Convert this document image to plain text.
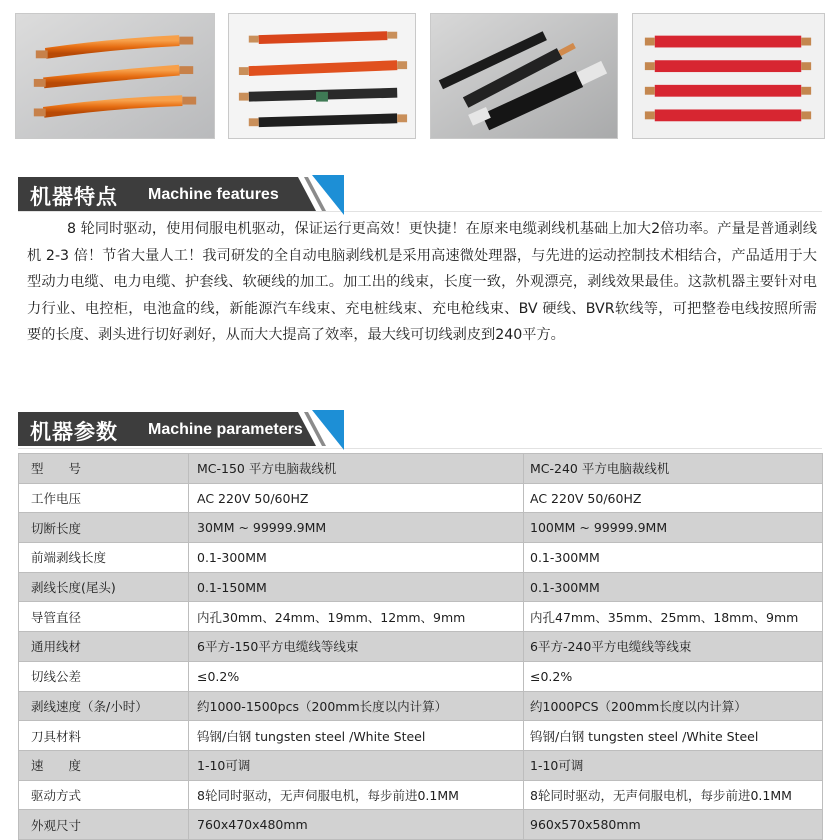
机器特点 Machine features

8 轮同时驱动，使用伺服电机驱动，保证运行更高效！更快捷！在原来电缆剥线机基础上加大2倍功率。产量是普通剥线机 2-3 倍！节省大量人工！我司研发的全自动电脑剥线机是采用高速微处理器，与先进的运动控制技术相结合，产品适用于大型动力电缆、电力电缆、护套线、软硬线的加工。加工出的线束，长度一致，外观漂亮，剥线效果最佳。这款机器主要针对电力行业、电控柜，电池盒的线，新能源汽车线束、充电桩线束、充电枪线束、BV 硬线、BVR软线等，可把整卷电线按照所需要的长度、剥头进行切好剥好，从而大大提高了效率，最大线可切线剥皮到240平方。

机器参数 Machine parameters
型　　号	MC-150 平方电脑裁线机	MC-240 平方电脑裁线机
工作电压	AC 220V 50/60HZ	AC 220V 50/60HZ
切断长度	30MM ~ 99999.9MM	100MM ~ 99999.9MM
前端剥线长度	0.1-300MM	0.1-300MM
剥线长度(尾头)	0.1-150MM	0.1-300MM
导管直径	内孔30mm、24mm、19mm、12mm、9mm	内孔47mm、35mm、25mm、18mm、9mm
通用线材	6平方-150平方电缆线等线束	6平方-240平方电缆线等线束
切线公差	≤0.2%	≤0.2%
剥线速度（条/小时）	约1000-1500pcs（200mm长度以内计算）	约1000PCS（200mm长度以内计算）
刀具材料	钨钢/白钢 tungsten steel /White Steel	钨钢/白钢 tungsten steel /White Steel
速　　度	1-10可调	1-10可调
驱动方式	8轮同时驱动，无声伺服电机，每步前进0.1MM	8轮同时驱动，无声伺服电机，每步前进0.1MM
外观尺寸	760x470x480mm	960x570x580mm
